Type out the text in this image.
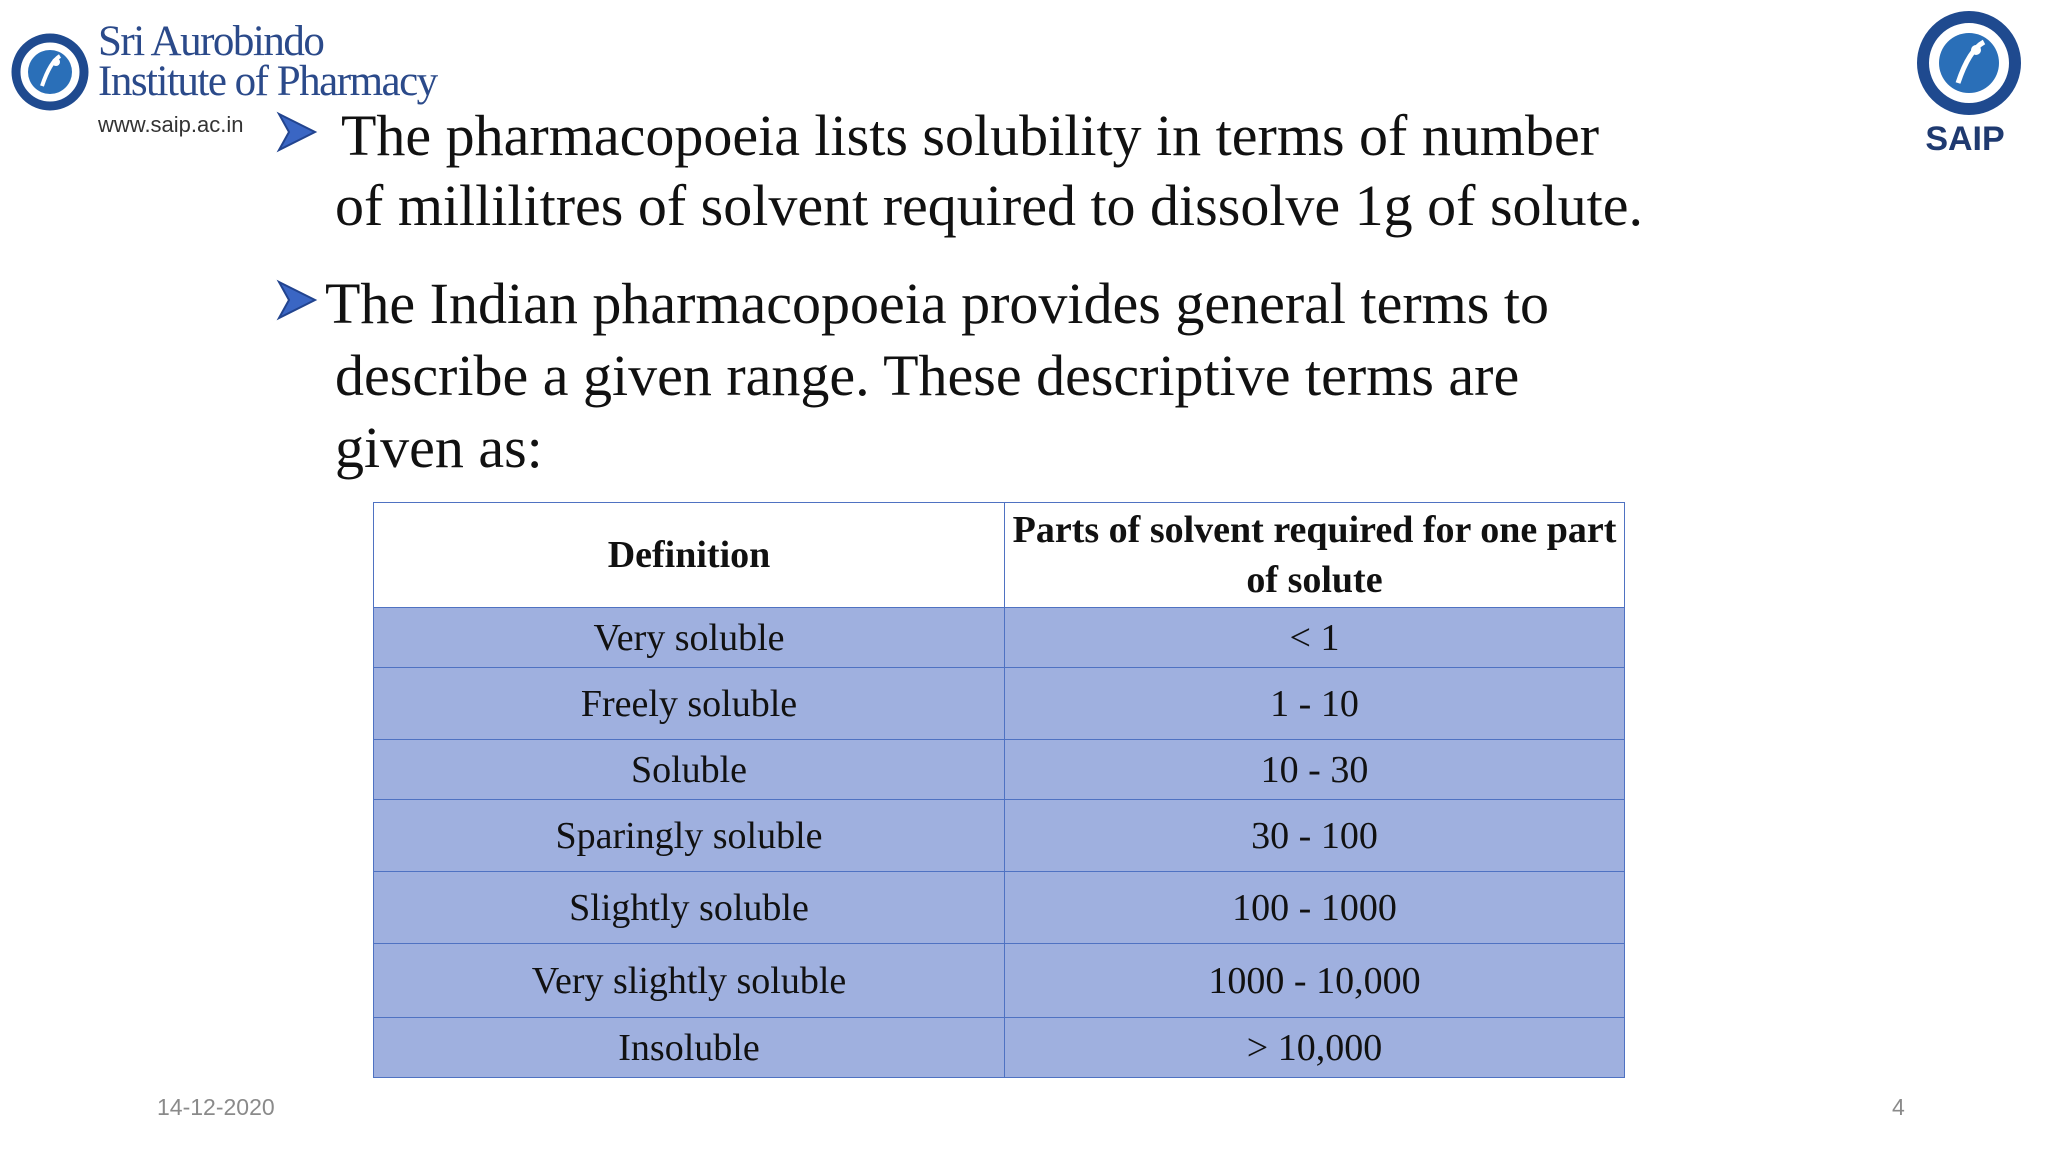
Sri Aurobindo
Institute of Pharmacy
www.saip.ac.in	SAIP
The pharmacopoeia lists solubility in terms of number
of millilitres of solvent required to dissolve 1g of solute.
The Indian pharmacopoeia provides general terms to
describe a given range. These descriptive terms are
given as:
Definition	Parts of solvent required for one part of solute
Very soluble	< 1
Freely soluble	1 - 10
Soluble	10 - 30
Sparingly soluble	30 - 100
Slightly soluble	100 - 1000
Very slightly soluble	1000 - 10,000
Insoluble	> 10,000
14-12-2020	4
